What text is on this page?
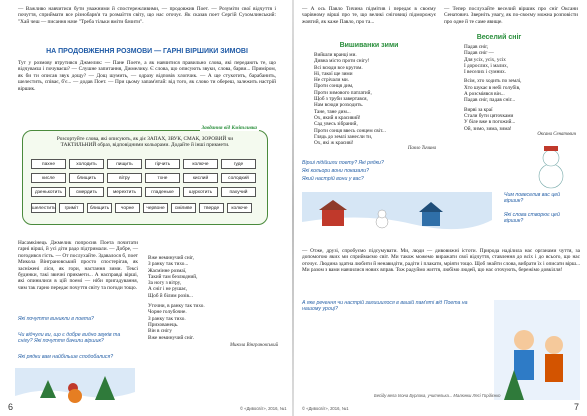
— Важливо навчитися бути уважними й спостережливими, — продовжив Поет. — Розуміти свої відчуття і почуття, сприймати все різнобарв'я та розмаїття світу, що нас оточує. Як сказав поет Сергій Сухомлинський: "Хай чеш — писання наче "Треба тільки вміти бачити".
НА ПРОДОВЖЕННЯ РОЗМОВИ — ГАРНІ ВІРШИКИ ЗИМОВІ
Тут у розмову втрутився Джмелик: — Пане Поете, а як навчитися правильно слова, які передають те, що відчуваєш і почуваєш? — Слушне запитання, Джмелику. Є слова, що описують звуки, слова, барви... Приміром, як би ти описав звук дощу? — Дощ шумить, — одразу відповів хлопчик. — А ще стукотить, барабанить, шелестить, співає, б'є... — додав Поет. — При цьому запам'ятай: від того, як слово ти обереш, залежить настрій віршик.
Завдання від Кмітливка
Розсортуйте слова, які описують, як діє ЗАПАХ, ЗВУК, СМАК, ЗОРОВИЙ чи ТАКТИЛЬНИЙ образ, відповідними кольорами. Додайте й інші прикмети.
пахне	холодить	пищить	гірчить	колюче	гуде
кисле	блищить	вітру	тхне	кислий	солодкий
дзенькотить	смердить	мерехтить	гладеньке	шурхотить	пахучий
шелестить	гриміт	блищить	чорне	червоне	сміливе	тверде	колюче
Насамкінець Джмелик попросив Поета почитати гарні вірші, й усі діти радо підтримали. — Добре, — погодився гість. — От послухайте. Здавалося б, поет Микола Вінграновський просто спостерігав, як засніжені ліси, як гори, настання зими. Тексі будинки, такі звичні прикмети... А насправді вірші, які опинилися в цій поемі — ніби пригадування, чим так гарно передає почуття світу та погоди тощо.
Які почуття виникли в поета?
Чи відчули ви, що є добре видно звуків та снігу? Які почуття бачили віршик?
Які рядки вам найбільше сподобалися?
Вже неминучий сніг,
З ранку так тихо...
Жасмінне розмаї,
Такий там безлюдний,
За ногу з вітру,
А сніг і не рушає,
Щоб й білим розів...
Уточни, в ранку так тихо.
Чорне голубочне.
З ранку так тихо.
Прихованець.
Він в снігу
Вже неминучий сніг.
Микола Вінграновський
6	© «Дивосвіт», 2016, №1
— А ось Павло Тичина підмітив і передає в своєму чарівному вірші про те, що великі сніговиці підморожує жовтий, як каже Павло, про та...
Вишиванки зими
Вийшли вранці ми.
Дивна місто проти снігу!
Всі всюди все кругом.
Ні, такої ще зими
Не стрічали ми.
Проти сонця дим,
Проти зимового патлатий,
Щоб з труби завертався,
Нам всюди розходить.
Тане, тане дим...
Ох, який я красивий!
Сад увесь зібраний,
Проти сонця ввесь сонцем світ...
Глядь до землі занесли ти,
Ох, які ж красиві!
Павло Тичина
Вірші підійшли поету? Які рядки?
Які кольори вони показали?
Який настрій вони у вас?
— Тепер послухайте веселий віршик про сніг Оксани Сенатович. Зверніть увагу, як по-своєму можна розповісти про одне й те саме явище.
Веселий сніг
Падав сніг,
Падав сніг —
Для усіх, усіх, усіх
І дорослих, і малих,
І веселих і сумних.
Всім, хто ходить по землі,
Хто шукає в небі голубів,
А розсміявся він...
Падав сніг, падав сніг...
Вирві за краї
Стали бути цяточками
У біле вже в погожий...
Ой, зимо, зима, зима!
Оксана Сенатович
Чим повеселив вас цей віршик?
Які слова створює цей віршик?
— Отже, друзі, спробуємо підсумувати. Ми, люди — дивовижні істоти. Природа наділила нас органами чуття, за допомогою яких ми сприймаємо світ. Ми також можемо виражати свої відчуття, ставлення до всіх і до всього, що нас оточує. Людина здатна любити й ненавидіти, радіти і плакати, мріяти тощо. Щоб знайти слова, вибрати їх і описати вірш... Ми разом з вами навчилися нових вправ. Тож радуймо життя, любімо людей, що нас оточують, бережімо довкілля!
А яке речення чи настрій залишилося в вашій пам'яті від Поета на нашому уроці?
Бесіду вела Ілона Бурлака, учителька... Малюнки Лесі Гордієнко
© «Дивосвіт», 2016, №1	7
